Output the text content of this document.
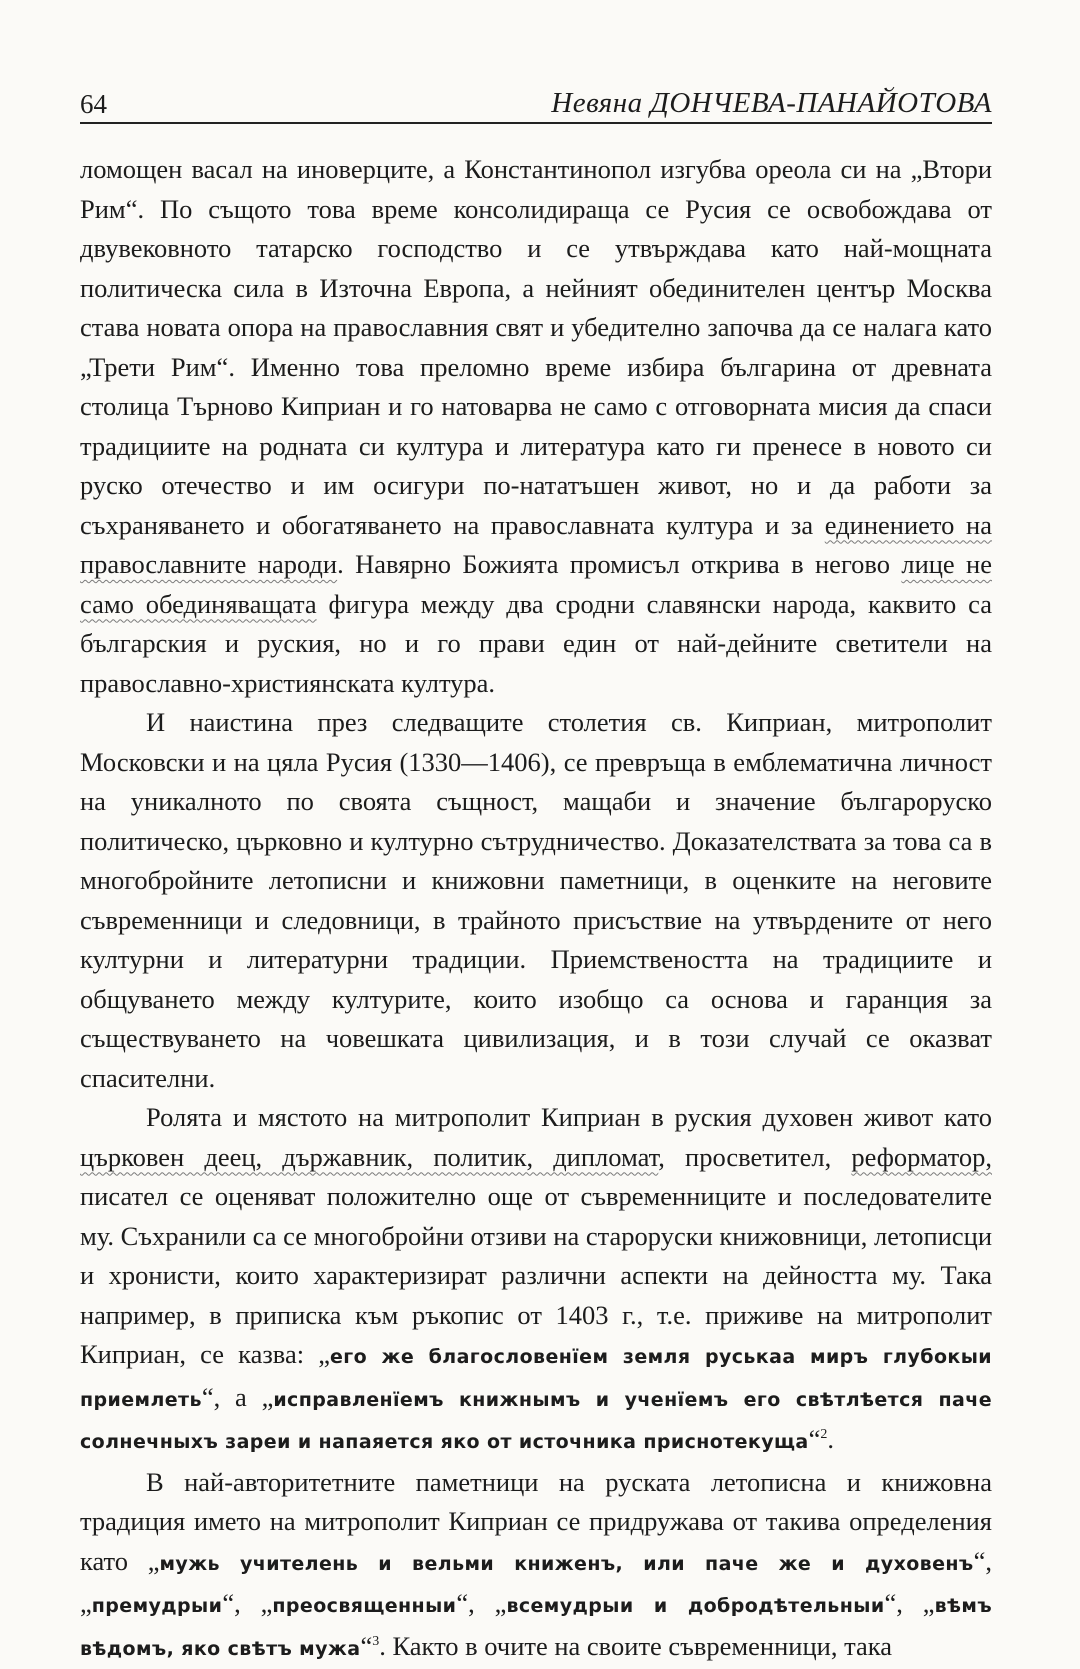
64	Невяна ДОНЧЕВА-ПАНАЙОТОВА

ломощен васал на иноверците, а Константинопол изгубва ореола си на „Втори Рим“. По същото това време консолидираща се Русия се освобождава от двувековното татарско господство и се утвърждава като най-мощната политическа сила в Източна Европа, а нейният обединителен център Москва става новата опора на православния свят и убедително започва да се налага като „Трети Рим“. Именно това преломно време избира българина от древната столица Търново Киприан и го натоварва не само с отговорната мисия да спаси традициите на родната си култура и литература като ги пренесе в новото си руско отечество и им осигури по-нататъшен живот, но и да работи за съхраняването и обогатяването на православната култура и за единението на православните народи. Навярно Божията промисъл открива в негово лице не само обединяващата фигура между два сродни славянски народа, каквито са българския и руския, но и го прави един от най-дейните светители на православно-християнската култура.

И наистина през следващите столетия св. Киприан, митрополит Московски и на цяла Русия (1330—1406), се превръща в емблематична личност на уникалното по своята същност, мащаби и значение българоруско политическо, църковно и културно сътрудничество. Доказателствата за това са в многобройните летописни и книжовни паметници, в оценките на неговите съвременници и следовници, в трайното присъствие на утвърдените от него културни и литературни традиции. Приемствеността на традициите и общуването между културите, които изобщо са основа и гаранция за съществуването на човешката цивилизация, и в този случай се оказват спасителни.

Ролята и мястото на митрополит Киприан в руския духовен живот като църковен деец, държавник, политик, дипломат, просветител, реформатор, писател се оценяват положително още от съвременниците и последователите му. Съхранили са се многобройни отзиви на староруски книжовници, летописци и хронисти, които характеризират различни аспекти на дейността му. Така например, в приписка към ръкопис от 1403 г., т.е. приживе на митрополит Киприан, се казва: „его же благословенїем земля руськаа миръ глубокыи приемлеть“, а „исправленїемъ книжнымъ и ученїемъ его свѣтлѣется паче солнечныхъ зареи и напаяется яко от источника приснотекуща“$^2$.

В най-авторитетните паметници на руската летописна и книжовна традиция името на митрополит Киприан се придружава от такива определения като „мужь учителень и вельми книженъ, или паче же и духовенъ“, „премудрыи“, „преосвященныи“, „всемудрыи и добродѣтельныи“, „вѣмъ вѣдомъ, яко свѣтъ мужа“$^3$. Както в очите на своите съвременници, така
